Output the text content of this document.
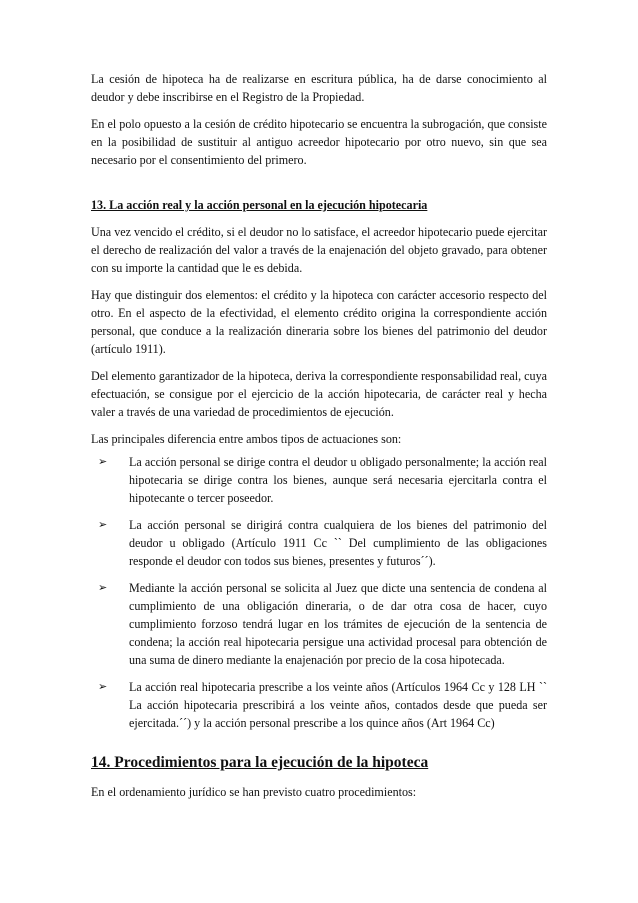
La cesión de hipoteca ha de realizarse en escritura pública, ha de darse conocimiento al deudor y debe inscribirse en el Registro de la Propiedad.

En el polo opuesto a la cesión de crédito hipotecario se encuentra la subrogación, que consiste en la posibilidad de sustituir al antiguo acreedor hipotecario por otro nuevo, sin que sea necesario por el consentimiento del primero.

13. La acción real y la acción personal en la ejecución hipotecaria

Una vez vencido el crédito, si el deudor no lo satisface, el acreedor hipotecario puede ejercitar el derecho de realización del valor a través de la enajenación del objeto gravado, para obtener con su importe la cantidad que le es debida.

Hay que distinguir dos elementos: el crédito y la hipoteca con carácter accesorio respecto del otro. En el aspecto de la efectividad, el elemento crédito origina la correspondiente acción personal, que conduce a la realización dineraria sobre los bienes del patrimonio del deudor (artículo 1911).

Del elemento garantizador de la hipoteca, deriva la correspondiente responsabilidad real, cuya efectuación, se consigue por el ejercicio de la acción hipotecaria, de carácter real y hecha valer a través de una variedad de procedimientos de ejecución.

Las principales diferencia entre ambos tipos de actuaciones son:

➢	La acción personal se dirige contra el deudor u obligado personalmente; la acción real hipotecaria se dirige contra los bienes, aunque será necesaria ejercitarla contra el hipotecante o tercer poseedor.
➢	La acción personal se dirigirá contra cualquiera de los bienes del patrimonio del deudor u obligado (Artículo 1911 Cc `` Del cumplimiento de las obligaciones responde el deudor con todos sus bienes, presentes y futuros´´).
➢	Mediante la acción personal se solicita al Juez que dicte una sentencia de condena al cumplimiento de una obligación dineraria, o de dar otra cosa de hacer, cuyo cumplimiento forzoso tendrá lugar en los trámites de ejecución de la sentencia de condena; la acción real hipotecaria persigue una actividad procesal para obtención de una suma de dinero mediante la enajenación por precio de la cosa hipotecada.
➢	La acción real hipotecaria prescribe a los veinte años (Artículos 1964 Cc y 128 LH `` La acción hipotecaria prescribirá a los veinte años, contados desde que pueda ser ejercitada.´´) y la acción personal prescribe a los quince años (Art 1964 Cc)
14. Procedimientos para la ejecución de la hipoteca

En el ordenamiento jurídico se han previsto cuatro procedimientos:
